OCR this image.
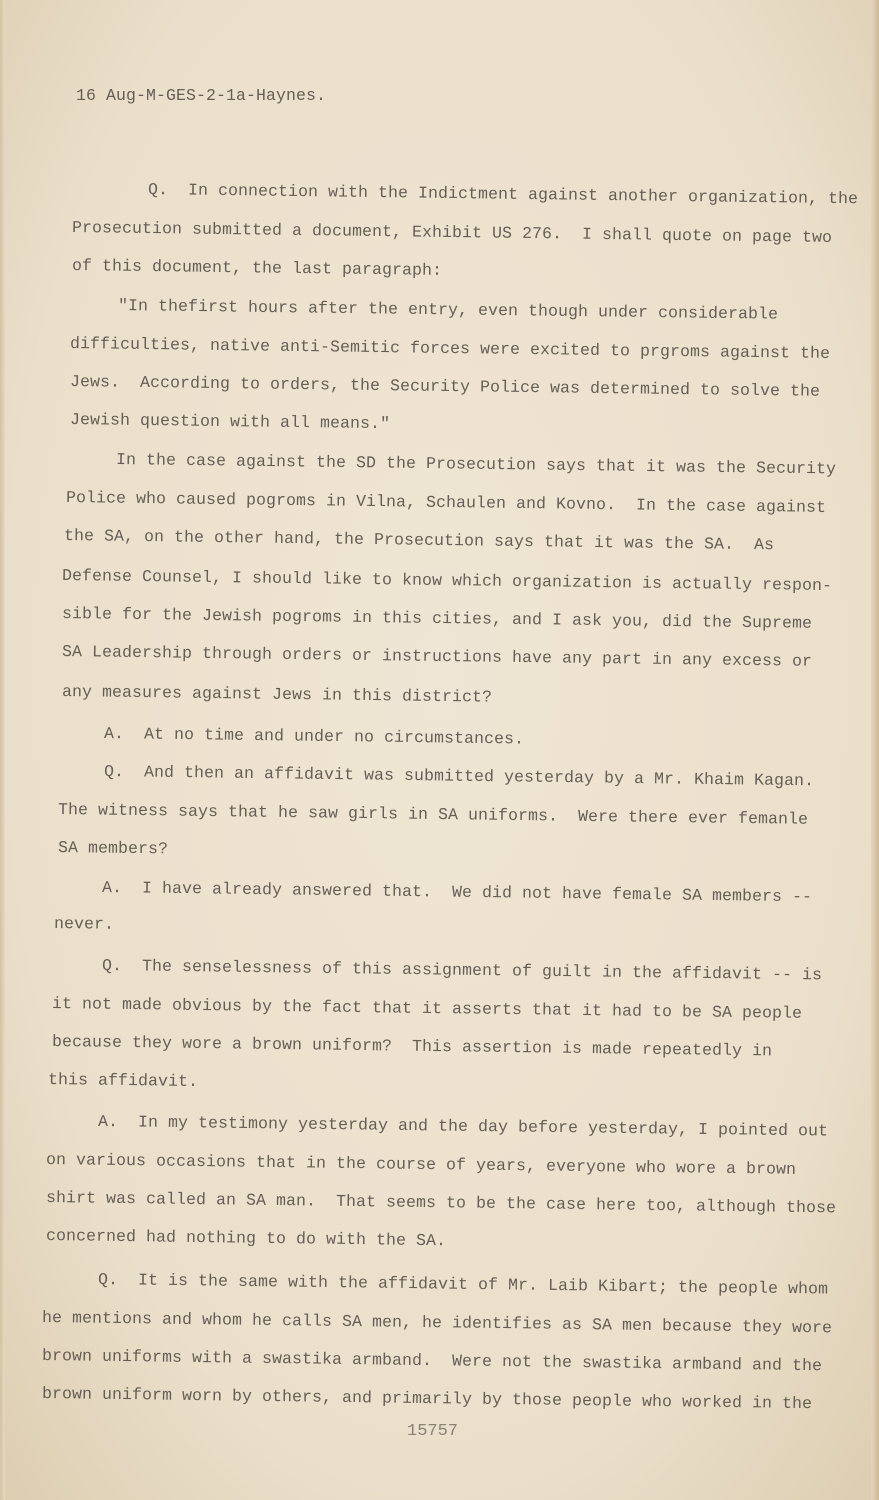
16 Aug-M-GES-2-1a-Haynes.
Q.  In connection with the Indictment against another organization, the
Prosecution submitted a document, Exhibit US 276.  I shall quote on page two
of this document, the last paragraph:
"In thefirst hours after the entry, even though under considerable
difficulties, native anti-Semitic forces were excited to prgroms against the
Jews.  According to orders, the Security Police was determined to solve the
Jewish question with all means."
In the case against the SD the Prosecution says that it was the Security
Police who caused pogroms in Vilna, Schaulen and Kovno.  In the case against
the SA, on the other hand, the Prosecution says that it was the SA.  As
Defense Counsel, I should like to know which organization is actually respon-
sible for the Jewish pogroms in this cities, and I ask you, did the Supreme
SA Leadership through orders or instructions have any part in any excess or
any measures against Jews in this district?
A.  At no time and under no circumstances.
Q.  And then an affidavit was submitted yesterday by a Mr. Khaim Kagan.
The witness says that he saw girls in SA uniforms.  Were there ever femanle
SA members?
A.  I have already answered that.  We did not have female SA members --
never.
Q.  The senselessness of this assignment of guilt in the affidavit -- is
it not made obvious by the fact that it asserts that it had to be SA people
because they wore a brown uniform?  This assertion is made repeatedly in
this affidavit.
A.  In my testimony yesterday and the day before yesterday, I pointed out
on various occasions that in the course of years, everyone who wore a brown
shirt was called an SA man.  That seems to be the case here too, although those
concerned had nothing to do with the SA.
Q.  It is the same with the affidavit of Mr. Laib Kibart; the people whom
he mentions and whom he calls SA men, he identifies as SA men because they wore
brown uniforms with a swastika armband.  Were not the swastika armband and the
brown uniform worn by others, and primarily by those people who worked in the
15757
